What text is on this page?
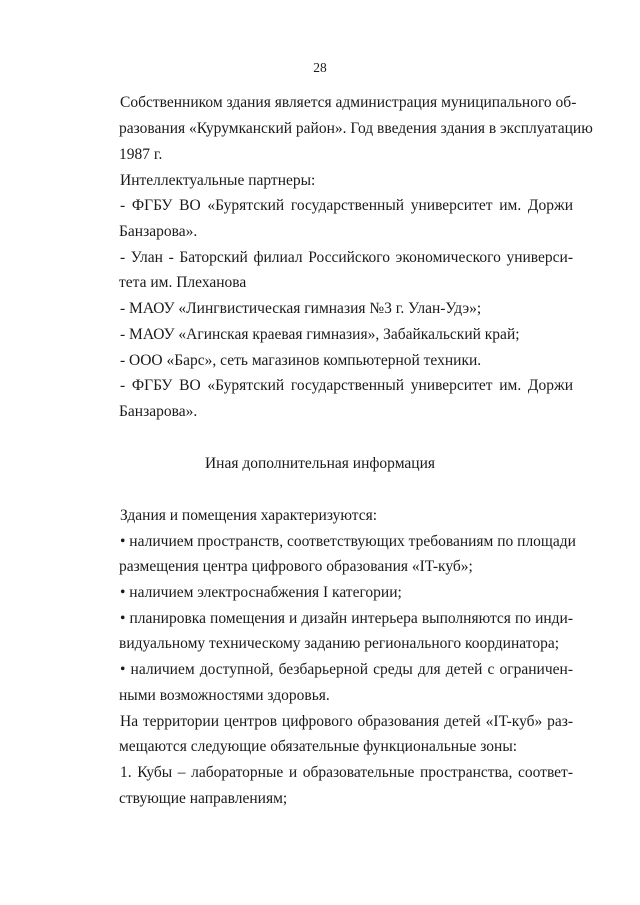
28

Собственником здания является администрация муниципального об-

разования «Курумканский район». Год введения здания в эксплуатацию

1987 г.

Интеллектуальные партнеры:

- ФГБУ ВО «Бурятский государственный университет им. Доржи

Банзарова».

- Улан - Баторский филиал Российского экономического универси-

тета им. Плеханова

- МАОУ «Лингвистическая гимназия №3 г. Улан-Удэ»;

- МАОУ «Агинская краевая гимназия», Забайкальский край;

- ООО «Барс», сеть магазинов компьютерной техники.

- ФГБУ ВО «Бурятский государственный университет им. Доржи

Банзарова».

Иная дополнительная информация

Здания и помещения характеризуются:

• наличием пространств, соответствующих требованиям по площади

размещения центра цифрового образования «IT-куб»;

• наличием электроснабжения I категории;

• планировка помещения и дизайн интерьера выполняются по инди-

видуальному техническому заданию регионального координатора;

• наличием доступной, безбарьерной среды для детей с ограничен-

ными возможностями здоровья.

На территории центров цифрового образования детей «IT-куб» раз-

мещаются следующие обязательные функциональные зоны:

1. Кубы – лабораторные и образовательные пространства, соответ-

ствующие направлениям;
